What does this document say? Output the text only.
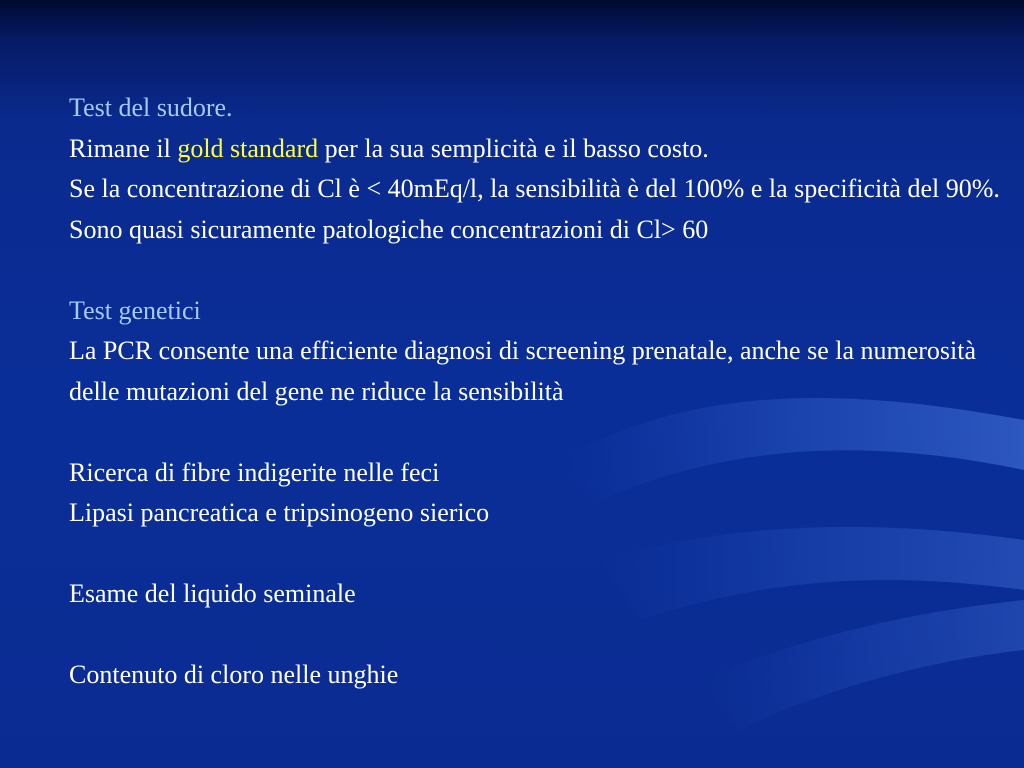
Test del sudore.

Rimane il gold standard per la sua semplicità e il basso costo.

Se la concentrazione di Cl è < 40mEq/l, la sensibilità è del 100% e la specificità del 90%. Sono quasi sicuramente patologiche concentrazioni di Cl> 60

Test genetici

La PCR consente una efficiente diagnosi di screening prenatale, anche se la numerosità delle mutazioni del gene ne riduce la sensibilità

Ricerca di fibre indigerite nelle feci

Lipasi pancreatica e tripsinogeno sierico

Esame del liquido seminale

Contenuto di cloro nelle unghie
